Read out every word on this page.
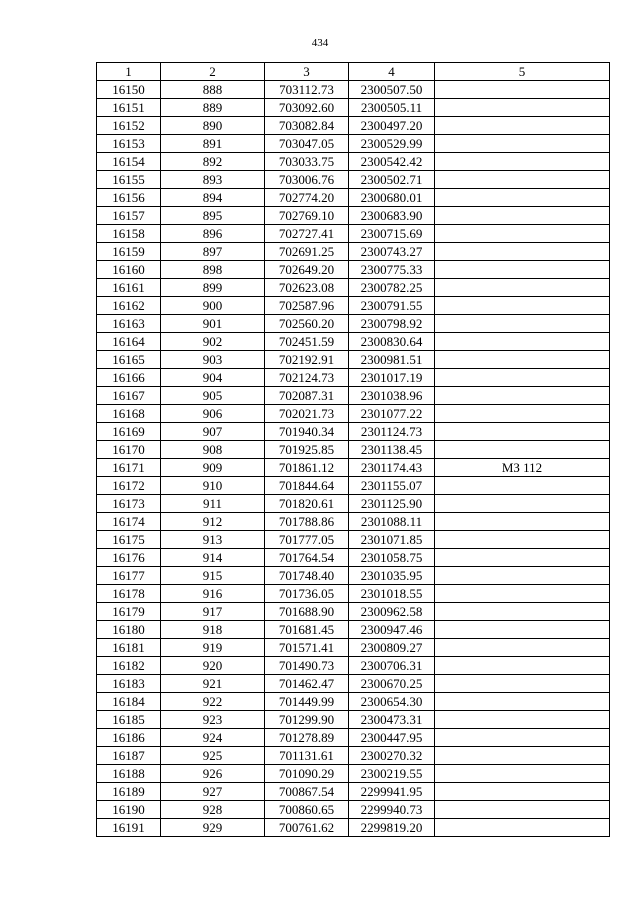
434
1	2	3	4	5
16150	888	703112.73	2300507.50	
16151	889	703092.60	2300505.11	
16152	890	703082.84	2300497.20	
16153	891	703047.05	2300529.99	
16154	892	703033.75	2300542.42	
16155	893	703006.76	2300502.71	
16156	894	702774.20	2300680.01	
16157	895	702769.10	2300683.90	
16158	896	702727.41	2300715.69	
16159	897	702691.25	2300743.27	
16160	898	702649.20	2300775.33	
16161	899	702623.08	2300782.25	
16162	900	702587.96	2300791.55	
16163	901	702560.20	2300798.92	
16164	902	702451.59	2300830.64	
16165	903	702192.91	2300981.51	
16166	904	702124.73	2301017.19	
16167	905	702087.31	2301038.96	
16168	906	702021.73	2301077.22	
16169	907	701940.34	2301124.73	
16170	908	701925.85	2301138.45	
16171	909	701861.12	2301174.43	МЗ 112
16172	910	701844.64	2301155.07	
16173	911	701820.61	2301125.90	
16174	912	701788.86	2301088.11	
16175	913	701777.05	2301071.85	
16176	914	701764.54	2301058.75	
16177	915	701748.40	2301035.95	
16178	916	701736.05	2301018.55	
16179	917	701688.90	2300962.58	
16180	918	701681.45	2300947.46	
16181	919	701571.41	2300809.27	
16182	920	701490.73	2300706.31	
16183	921	701462.47	2300670.25	
16184	922	701449.99	2300654.30	
16185	923	701299.90	2300473.31	
16186	924	701278.89	2300447.95	
16187	925	701131.61	2300270.32	
16188	926	701090.29	2300219.55	
16189	927	700867.54	2299941.95	
16190	928	700860.65	2299940.73	
16191	929	700761.62	2299819.20	
